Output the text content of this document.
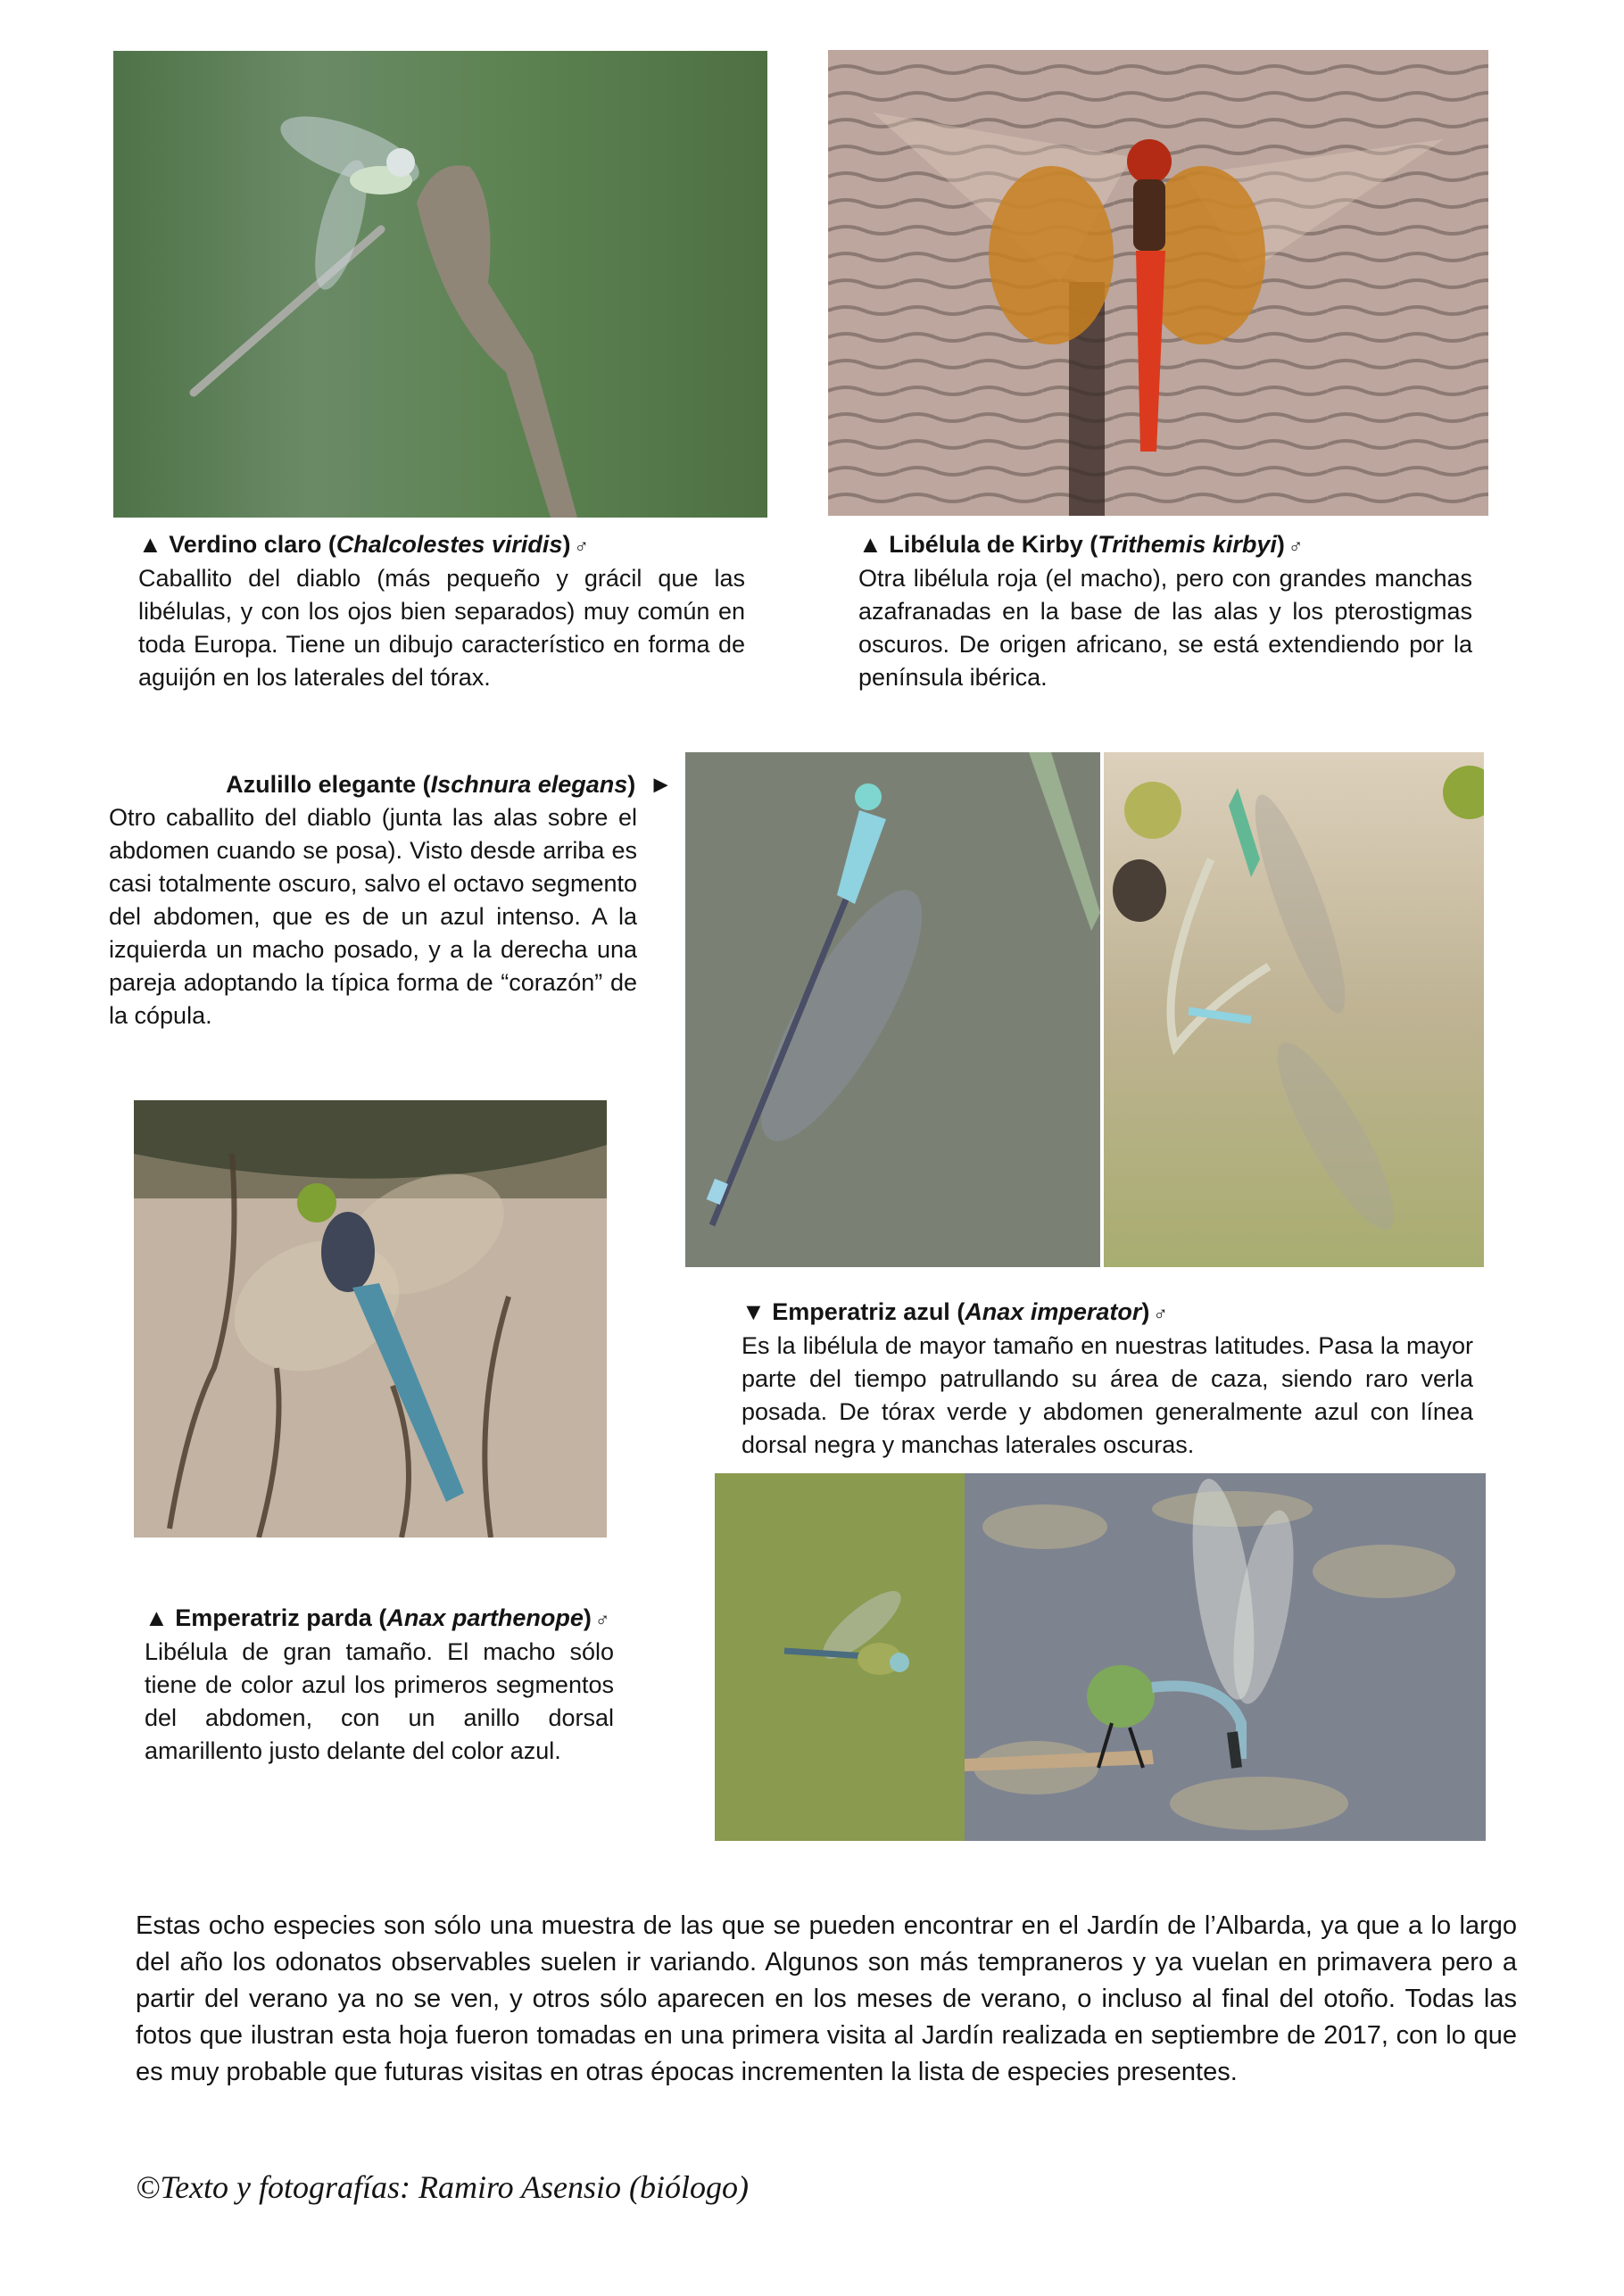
▲ Verdino claro (Chalcolestes viridis) ♂
Caballito del diablo (más pequeño y grácil que las libélulas, y con los ojos bien separados) muy común en toda Europa. Tiene un dibujo característico en forma de aguijón en los laterales del tórax.
▲ Libélula de Kirby (Trithemis kirbyi) ♂
Otra libélula roja (el macho), pero con grandes manchas azafranadas en la base de las alas y los pterostigmas oscuros. De origen africano, se está extendiendo por la península ibérica.
Azulillo elegante (Ischnura elegans)  ►
Otro caballito del diablo (junta las alas sobre el abdomen cuando se posa). Visto desde arriba es casi totalmente oscuro, salvo el octavo segmento del abdomen, que es de un azul intenso. A la izquierda un macho posado, y a la derecha una pareja adoptando la típica forma de “corazón” de la cópula.
▼ Emperatriz azul (Anax imperator) ♂
Es la libélula de mayor tamaño en nuestras latitudes. Pasa la mayor parte del tiempo patrullando su área de caza, siendo raro verla posada. De tórax verde y abdomen generalmente azul con línea dorsal negra y manchas laterales oscuras.
▲ Emperatriz parda (Anax parthenope) ♂
Libélula de gran tamaño. El macho sólo tiene de color azul los primeros segmentos del abdomen, con un anillo dorsal amarillento justo delante del color azul.
Estas ocho especies son sólo una muestra de las que se pueden encontrar en el Jardín de l’Albarda, ya que a lo largo del año los odonatos observables suelen ir variando. Algunos son más tempraneros y ya vuelan en primavera pero a partir del verano ya no se ven, y otros sólo aparecen en los meses de verano, o incluso al final del otoño. Todas las fotos que ilustran esta hoja fueron tomadas en una primera visita al Jardín realizada en septiembre de 2017, con lo que es muy probable que futuras visitas en otras épocas incrementen la lista de especies presentes.
©Texto y fotografías: Ramiro Asensio (biólogo)
